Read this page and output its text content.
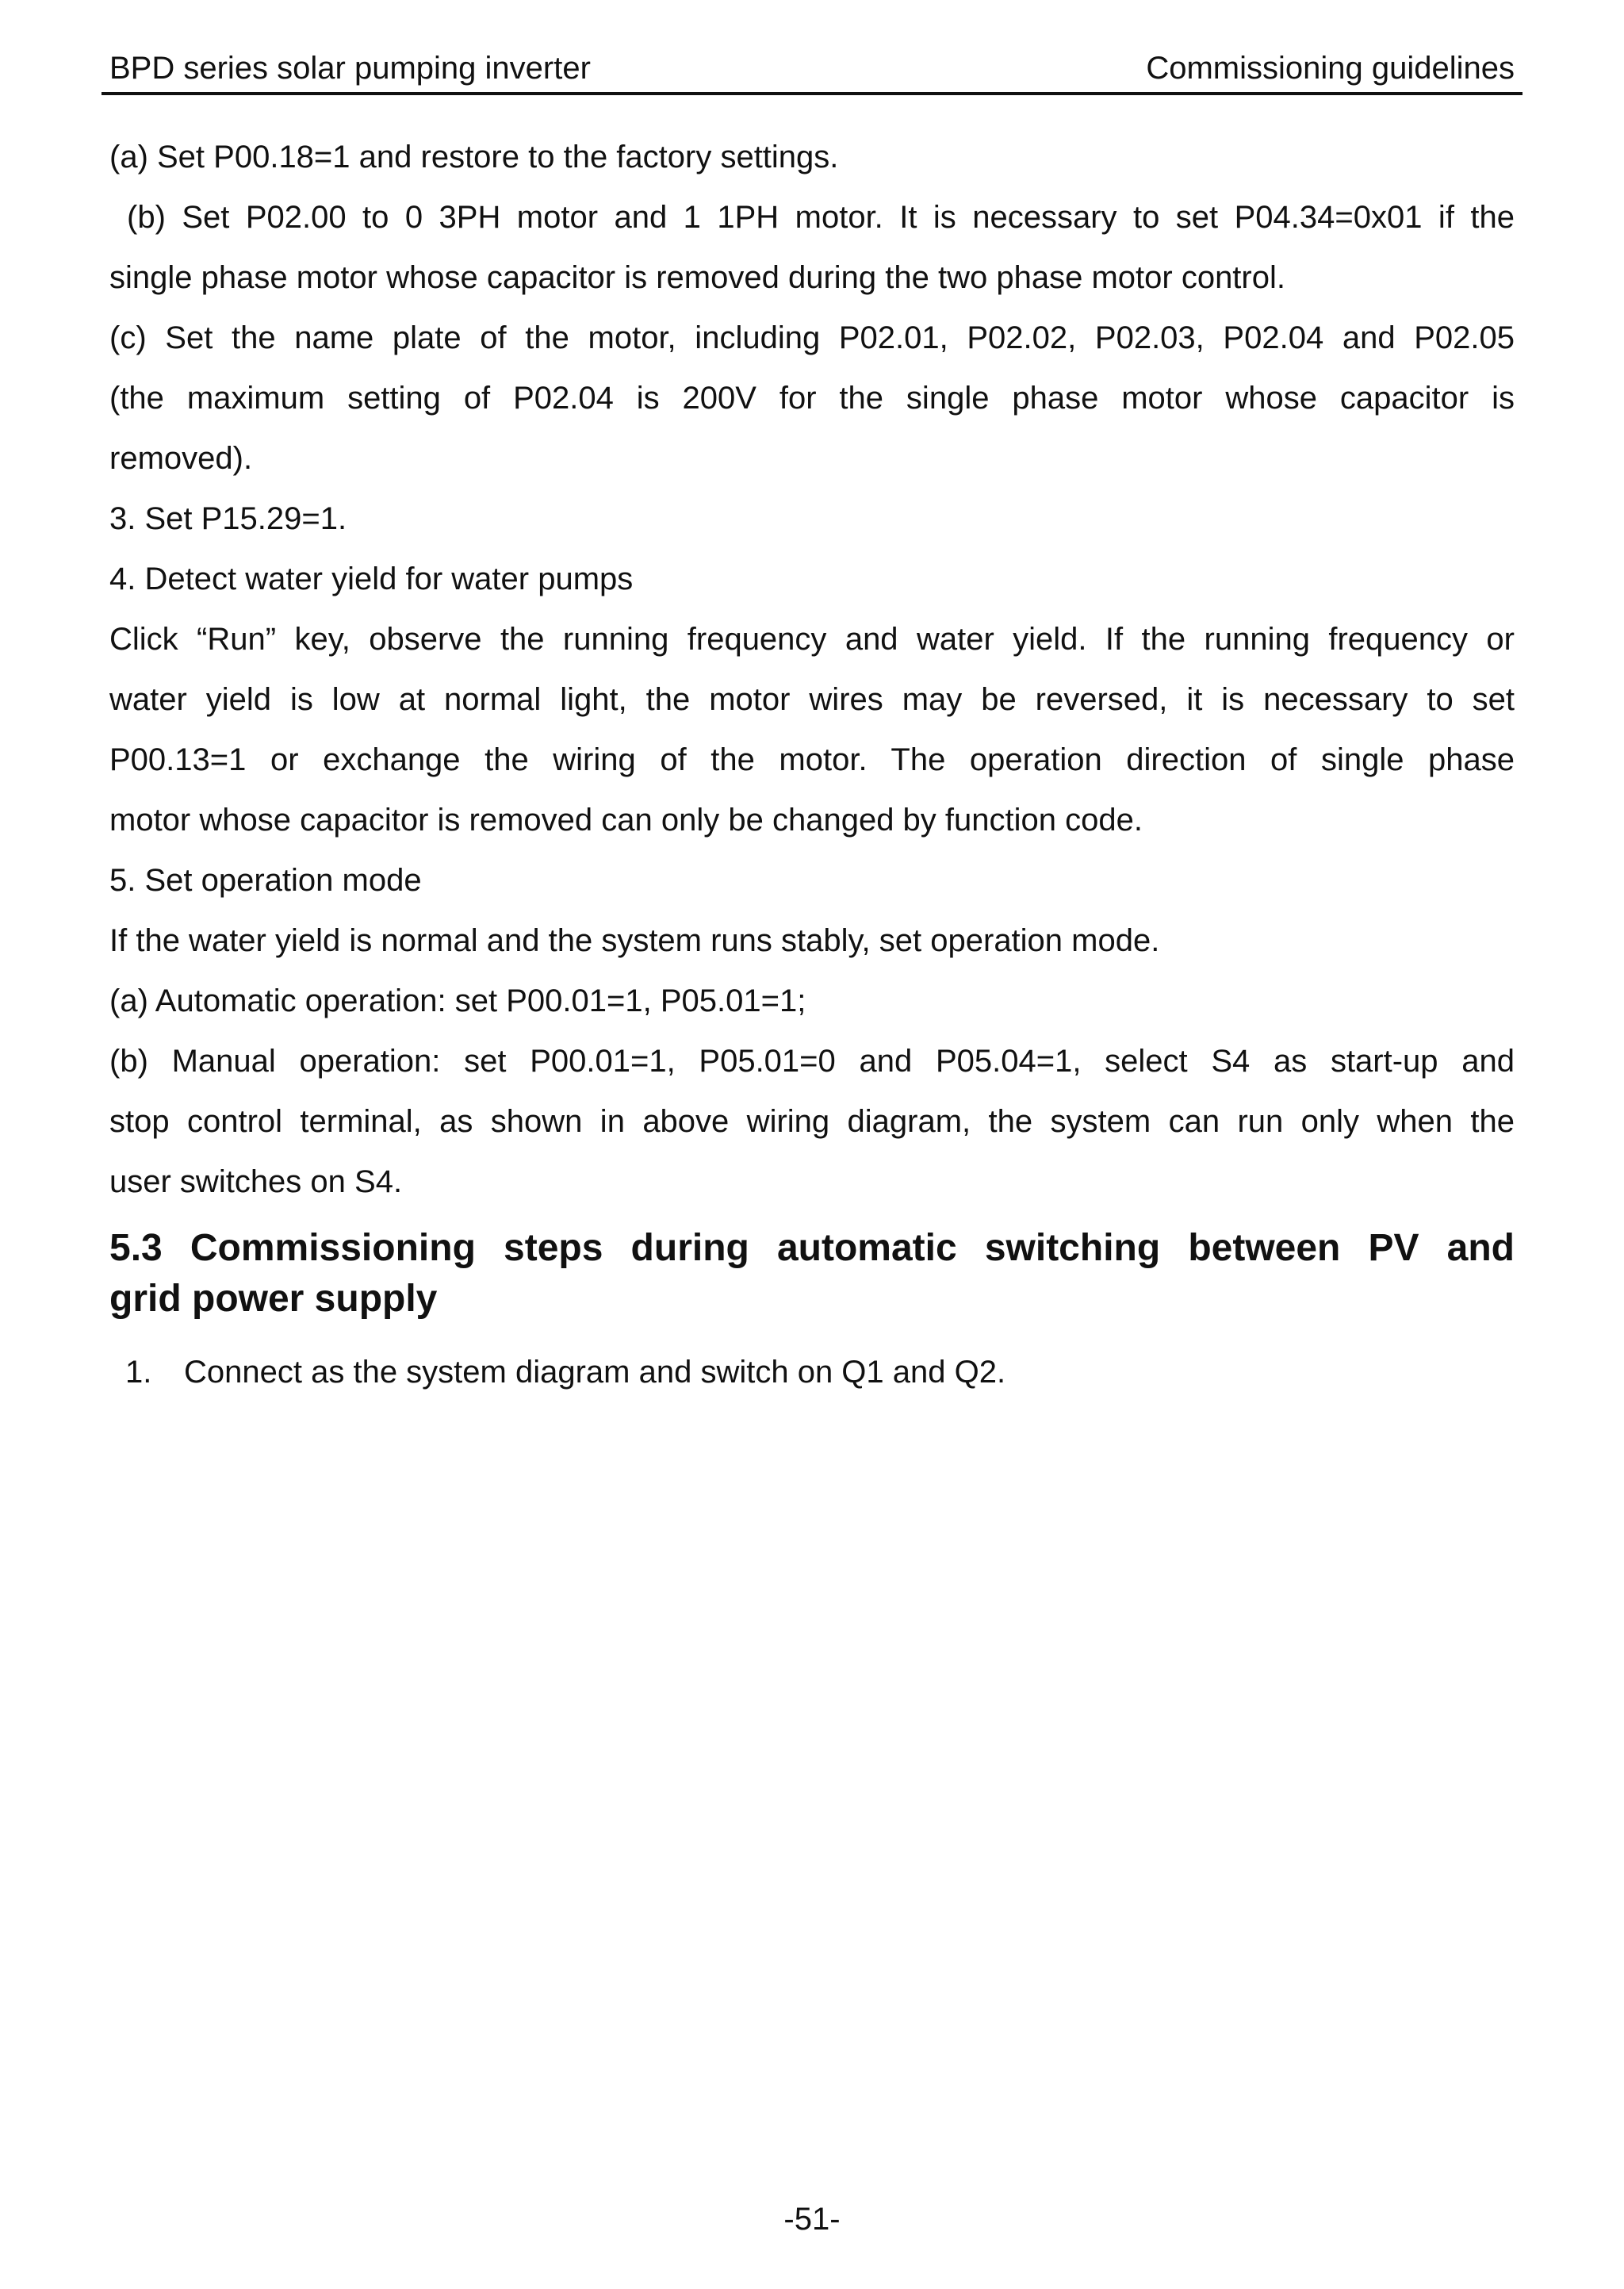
BPD series solar pumping inverter	Commissioning guidelines

(a) Set P00.18=1 and restore to the factory settings.

(b) Set P02.00 to 0 3PH motor and 1 1PH motor. It is necessary to set P04.34=0x01 if the

single phase motor whose capacitor is removed during the two phase motor control.

(c) Set the name plate of the motor, including P02.01, P02.02, P02.03, P02.04 and P02.05

(the maximum setting of P02.04 is 200V for the single phase motor whose capacitor is

removed).

3. Set P15.29=1.

4. Detect water yield for water pumps

Click “Run” key, observe the running frequency and water yield. If the running frequency or

water yield is low at normal light, the motor wires may be reversed, it is necessary to set

P00.13=1 or exchange the wiring of the motor. The operation direction of single phase

motor whose capacitor is removed can only be changed by function code.

5. Set operation mode

If the water yield is normal and the system runs stably, set operation mode.

(a) Automatic operation: set P00.01=1, P05.01=1;

(b) Manual operation: set P00.01=1, P05.01=0 and P05.04=1, select S4 as start-up and

stop control terminal, as shown in above wiring diagram, the system can run only when the

user switches on S4.

5.3 Commissioning steps during automatic switching between PV and
grid power supply
1. Connect as the system diagram and switch on Q1 and Q2.
-51-
